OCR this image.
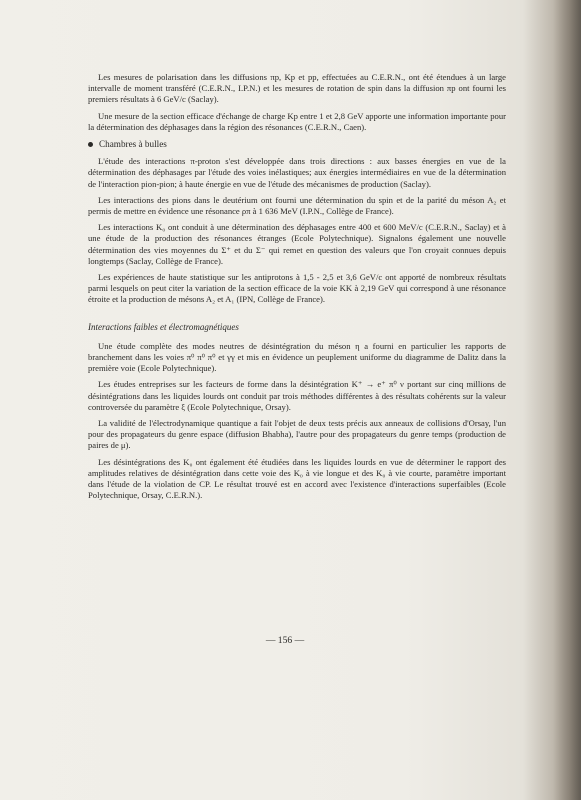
Les mesures de polarisation dans les diffusions πp, Kp et pp, effectuées au C.E.R.N., ont été étendues à un large intervalle de moment transféré (C.E.R.N., I.P.N.) et les mesures de rotation de spin dans la diffusion πp ont fourni les premiers résultats à 6 GeV/c (Saclay).

Une mesure de la section efficace d'échange de charge Kp entre 1 et 2,8 GeV apporte une information importante pour la détermination des déphasages dans la région des résonances (C.E.R.N., Caen).

Chambres à bulles

L'étude des interactions π-proton s'est développée dans trois directions : aux basses énergies en vue de la détermination des déphasages par l'étude des voies inélastiques; aux énergies intermédiaires en vue de la détermination de l'interaction pion-pion; à haute énergie en vue de l'étude des mécanismes de production (Saclay).

Les interactions des pions dans le deutérium ont fourni une détermination du spin et de la parité du méson A₂ et permis de mettre en évidence une résonance ρπ à 1 636 MeV (I.P.N., Collège de France).

Les interactions K₀ ont conduit à une détermination des déphasages entre 400 et 600 MeV/c (C.E.R.N., Saclay) et à une étude de la production des résonances étranges (Ecole Polytechnique). Signalons également une nouvelle détermination des vies moyennes du Σ⁺ et du Σ⁻ qui remet en question des valeurs que l'on croyait connues depuis longtemps (Saclay, Collège de France).

Les expériences de haute statistique sur les antiprotons à 1,5 - 2,5 et 3,6 GeV/c ont apporté de nombreux résultats parmi lesquels on peut citer la variation de la section efficace de la voie KK à 2,19 GeV qui correspond à une résonance étroite et la production de mésons A₂ et A₁ (IPN, Collège de France).

Interactions faibles et électromagnétiques

Une étude complète des modes neutres de désintégration du méson η a fourni en particulier les rapports de branchement dans les voies π⁰ π⁰ π⁰ et γγ et mis en évidence un peuplement uniforme du diagramme de Dalitz dans la première voie (Ecole Polytechnique).

Les études entreprises sur les facteurs de forme dans la désintégration K⁺ → e⁺ π⁰ ν portant sur cinq millions de désintégrations dans les liquides lourds ont conduit par trois méthodes différentes à des résultats cohérents sur la valeur controversée du paramètre ξ (Ecole Polytechnique, Orsay).

La validité de l'électrodynamique quantique a fait l'objet de deux tests précis aux anneaux de collisions d'Orsay, l'un pour des propagateurs du genre espace (diffusion Bhabha), l'autre pour des propagateurs du genre temps (production de paires de μ).

Les désintégrations des K₀ ont également été étudiées dans les liquides lourds en vue de déterminer le rapport des amplitudes relatives de désintégration dans cette voie des K₀ à vie longue et des K₀ à vie courte, paramètre important dans l'étude de la violation de CP. Le résultat trouvé est en accord avec l'existence d'interactions superfaibles (Ecole Polytechnique, Orsay, C.E.R.N.).

— 156 —
